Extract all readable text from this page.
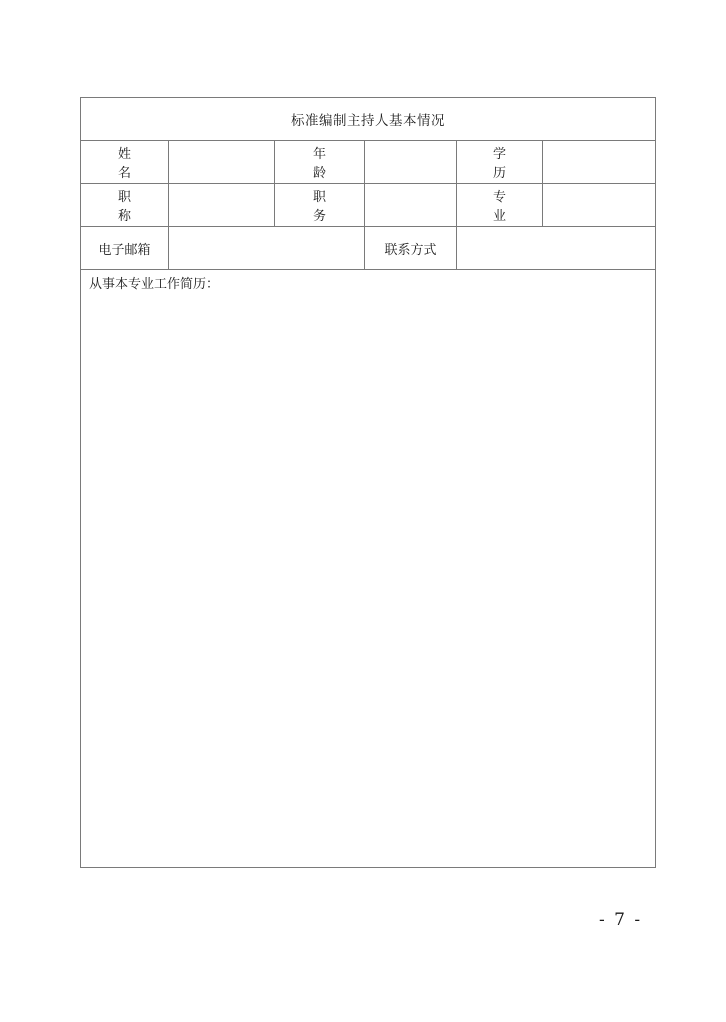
标准编制主持人基本情况					
姓名		年龄		学历	
职称		职务		专业	
电子邮箱			联系方式		
从事本专业工作简历：					
- 7 -
